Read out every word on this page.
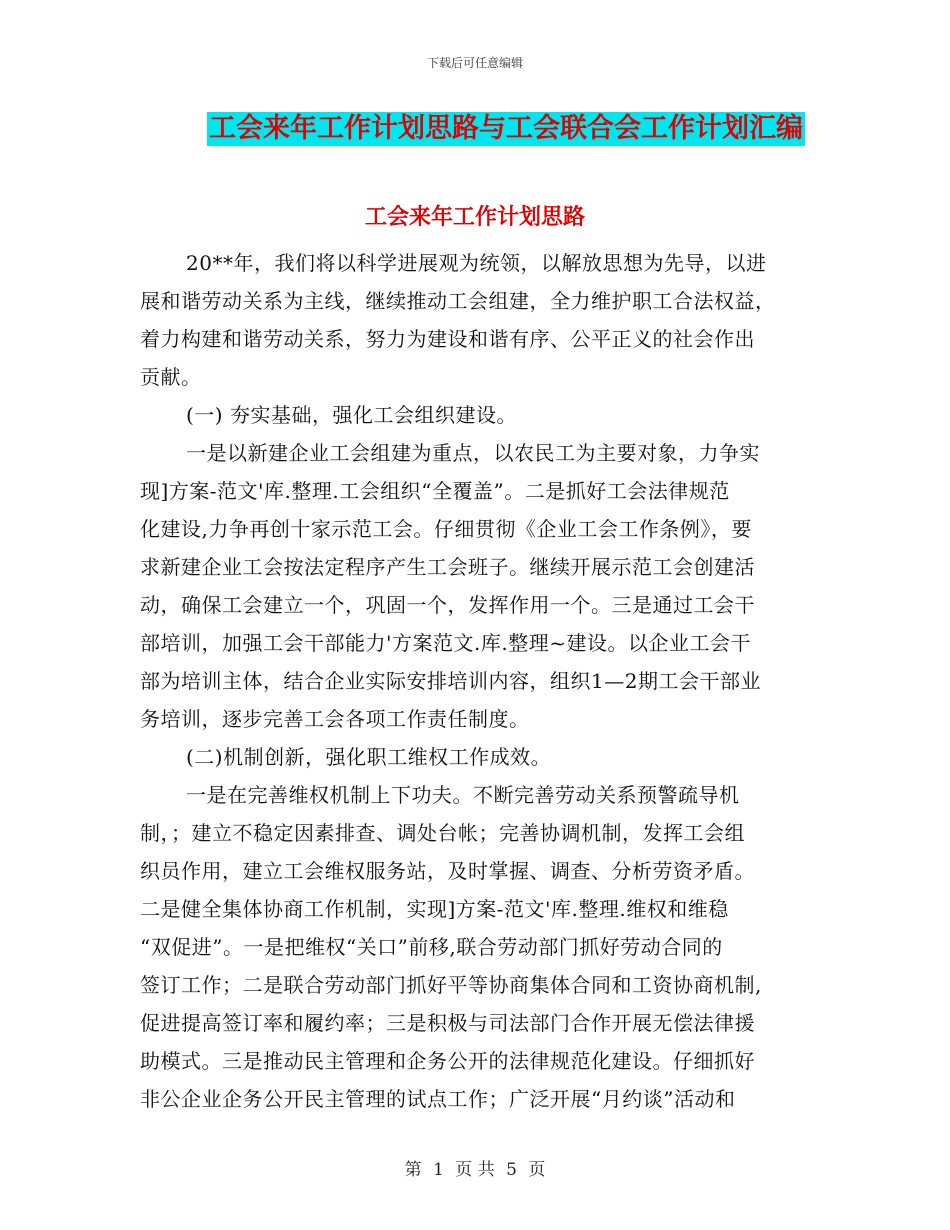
下载后可任意编辑
工会来年工作计划思路与工会联合会工作计划汇编
工会来年工作计划思路
20**年，我们将以科学进展观为统领，以解放思想为先导，以进
展和谐劳动关系为主线，继续推动工会组建，全力维护职工合法权益，
着力构建和谐劳动关系，努力为建设和谐有序、公平正义的社会作出
贡献。
(一) 夯实基础，强化工会组织建设。
一是以新建企业工会组建为重点，以农民工为主要对象，力争实
现]方案-范文'库.整理.工会组织“全覆盖”。二是抓好工会法律规范
化建设,力争再创十家示范工会。仔细贯彻《企业工会工作条例》，要
求新建企业工会按法定程序产生工会班子。继续开展示范工会创建活
动，确保工会建立一个，巩固一个，发挥作用一个。三是通过工会干
部培训，加强工会干部能力'方案范文.库.整理~建设。以企业工会干
部为培训主体，结合企业实际安排培训内容，组织1—2期工会干部业
务培训，逐步完善工会各项工作责任制度。
(二)机制创新，强化职工维权工作成效。
一是在完善维权机制上下功夫。不断完善劳动关系预警疏导机
制，；建立不稳定因素排查、调处台帐；完善协调机制，发挥工会组
织员作用，建立工会维权服务站，及时掌握、调查、分析劳资矛盾。
二是健全集体协商工作机制，实现]方案-范文'库.整理.维权和维稳
“双促进”。一是把维权“关口”前移,联合劳动部门抓好劳动合同的
签订工作；二是联合劳动部门抓好平等协商集体合同和工资协商机制,
促进提高签订率和履约率；三是积极与司法部门合作开展无偿法律援
助模式。三是推动民主管理和企务公开的法律规范化建设。仔细抓好
非公企业企务公开民主管理的试点工作；广泛开展“月约谈”活动和
第 1 页 共 5 页
